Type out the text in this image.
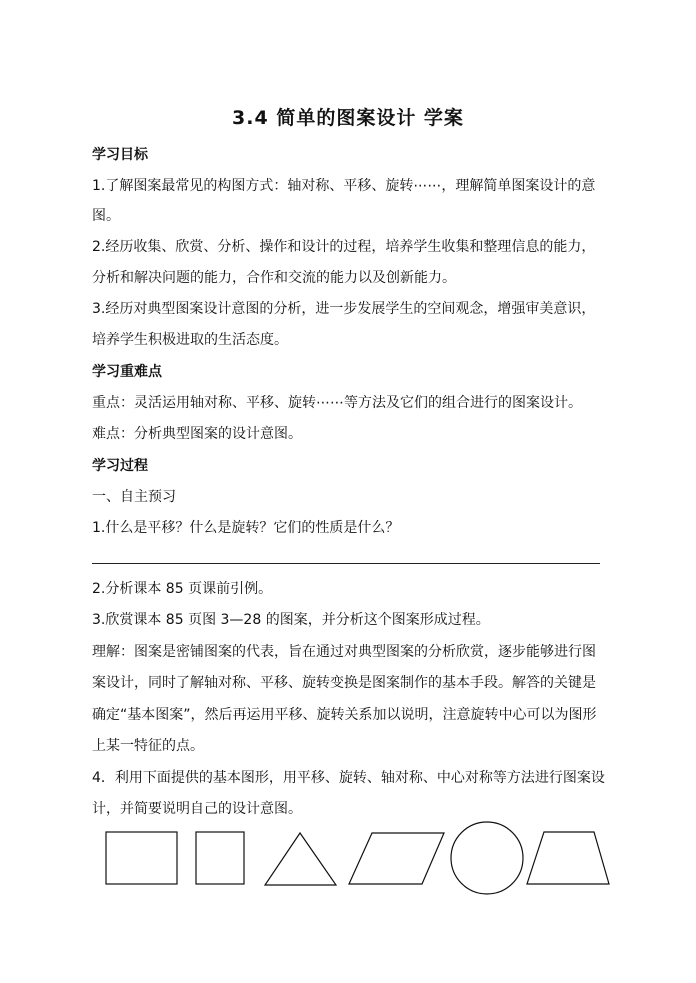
3.4 简单的图案设计 学案
学习目标
1.了解图案最常见的构图方式：轴对称、平移、旋转⋯⋯，理解简单图案设计的意
图。
2.经历收集、欣赏、分析、操作和设计的过程，培养学生收集和整理信息的能力，
分析和解决问题的能力，合作和交流的能力以及创新能力。
3.经历对典型图案设计意图的分析，进一步发展学生的空间观念，增强审美意识，
培养学生积极进取的生活态度。
学习重难点
重点：灵活运用轴对称、平移、旋转⋯⋯等方法及它们的组合进行的图案设计。
难点：分析典型图案的设计意图。
学习过程
一、自主预习
1.什么是平移？什么是旋转？它们的性质是什么？
2.分析课本 85 页课前引例。
3.欣赏课本 85 页图 3—28 的图案，并分析这个图案形成过程。
理解：图案是密铺图案的代表，旨在通过对典型图案的分析欣赏，逐步能够进行图
案设计，同时了解轴对称、平移、旋转变换是图案制作的基本手段。解答的关键是
确定“基本图案”，然后再运用平移、旋转关系加以说明，注意旋转中心可以为图形
上某一特征的点。
4．利用下面提供的基本图形，用平移、旋转、轴对称、中心对称等方法进行图案设
计，并简要说明自己的设计意图。
